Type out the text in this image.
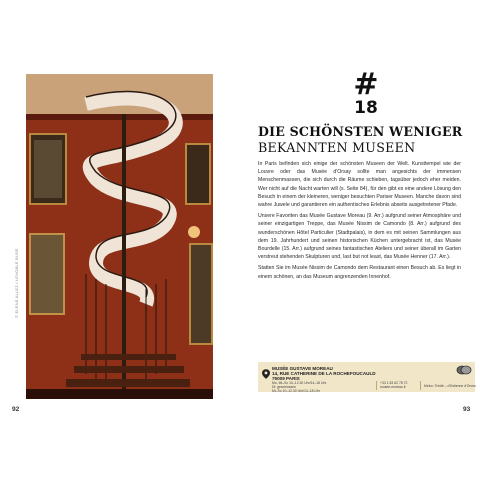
© ELENE ALLEZ / LENOBLE BUSE
92
#
18
DIE SCHÖNSTEN WENIGER
BEKANNTEN MUSEEN

In Paris befinden sich einige der schönsten Museen der Welt. Kunsttempel wie der Louvre oder das Musée d'Orsay sollte man angesichts der immensen Menschenmassen, die sich durch die Räume schieben, tagsüber jedoch eher meiden. Wer nicht auf die Nacht warten will (s. Seite 84), für den gibt es eine andere Lösung den Besuch in einem der kleineren, weniger besuchten Pariser Museen. Manche davon sind wahre Juwele und garantieren ein authentisches Erlebnis abseits ausgetretener Pfade.

Unsere Favoriten das Musée Gustave Moreau (9. Arr.) aufgrund seiner Atmosphäre und seiner einzigartigen Treppe, das Musée Nissim de Camondo (8. Arr.) aufgrund des wunderschönen Hôtel Particulier (Stadtpalais), in dem es mit seinen Sammlungen aus dem 19. Jahrhundert und seinen historischen Küchen untergebracht ist, das Musée Bourdelle (15. Arr.) aufgrund seines fantastischen Ateliers und seiner überall im Garten verstreut stehenden Skulpturen und, last but not least, das Musée Henner (17. Arr.).

Statten Sie im Musée Nissim de Camondo dem Restaurant einen Besuch ab. Es liegt in einem schönen, an das Museum angrenzenden Innenhof.

MUSÉE GUSTAVE MOREAU
14, RUE CATHERINE DE LA ROCHEFOUCAULD
75009 PARIS
Mo, Mi–So 10–12.30 Uhr/14–18 Uhr
Di: geschlossen
Mi–So 10–12.30 Uhr/14–18 Uhr
+33 1 83 62 78 72
musee-moreau.fr	Metro: Trinité – d'Estienne d'Orves
93
